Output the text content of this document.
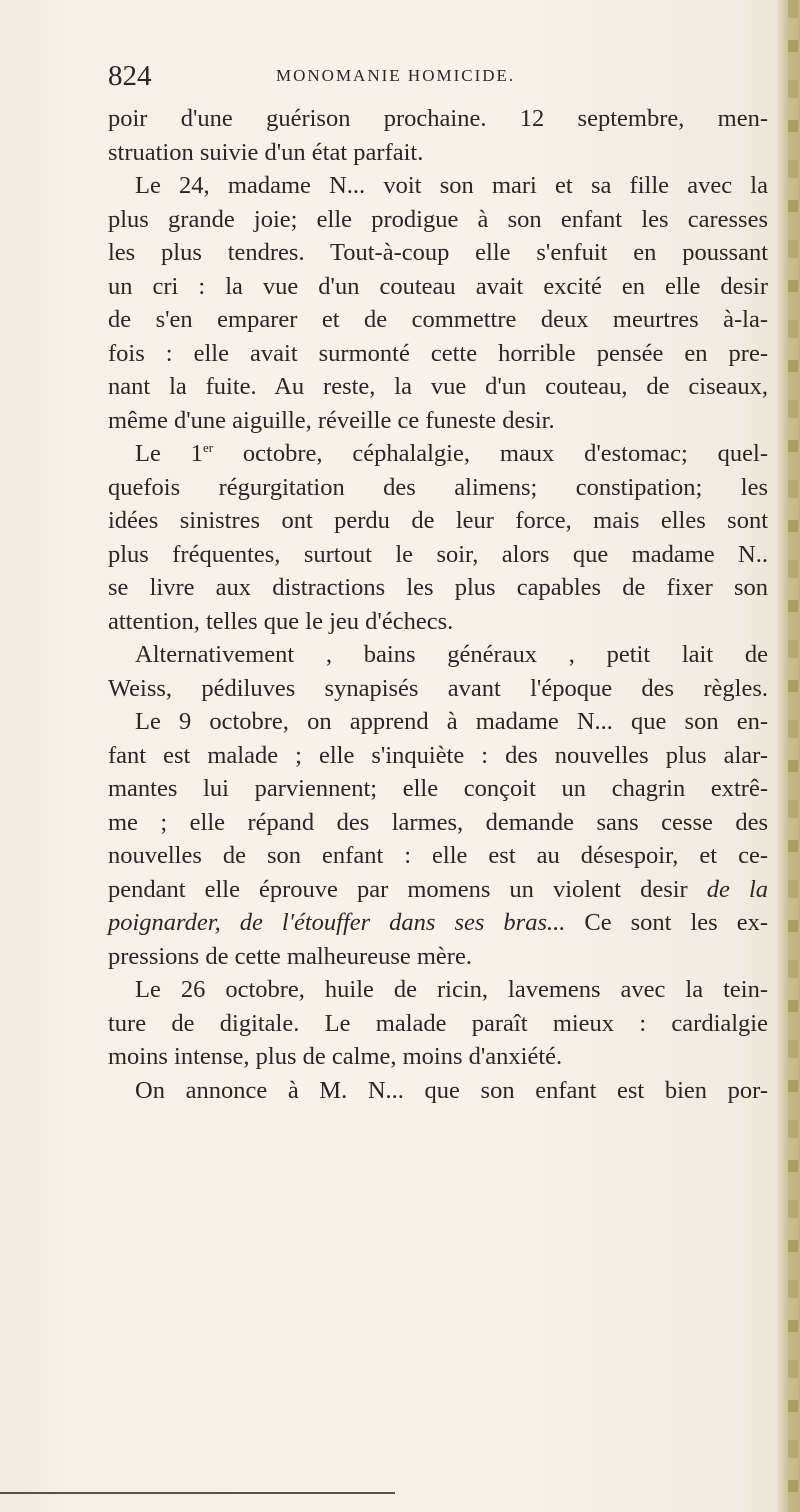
824	MONOMANIE HOMICIDE.
poir d'une guérison prochaine. 12 septembre, men-
struation suivie d'un état parfait.
Le 24, madame N... voit son mari et sa fille avec la
plus grande joie; elle prodigue à son enfant les caresses
les plus tendres. Tout-à-coup elle s'enfuit en poussant
un cri : la vue d'un couteau avait excité en elle desir
de s'en emparer et de commettre deux meurtres à-la-
fois : elle avait surmonté cette horrible pensée en pre-
nant la fuite. Au reste, la vue d'un couteau, de ciseaux,
même d'une aiguille, réveille ce funeste desir.
Le 1er octobre, céphalalgie, maux d'estomac; quel-
quefois régurgitation des alimens; constipation; les
idées sinistres ont perdu de leur force, mais elles sont
plus fréquentes, surtout le soir, alors que madame N..
se livre aux distractions les plus capables de fixer son
attention, telles que le jeu d'échecs.
Alternativement , bains généraux , petit lait de
Weiss, pédiluves synapisés avant l'époque des règles.
Le 9 octobre, on apprend à madame N... que son en-
fant est malade ; elle s'inquiète : des nouvelles plus alar-
mantes lui parviennent; elle conçoit un chagrin extrê-
me ; elle répand des larmes, demande sans cesse des
nouvelles de son enfant : elle est au désespoir, et ce-
pendant elle éprouve par momens un violent desir de la
poignarder, de l'étouffer dans ses bras... Ce sont les ex-
pressions de cette malheureuse mère.
Le 26 octobre, huile de ricin, lavemens avec la tein-
ture de digitale. Le malade paraît mieux : cardialgie
moins intense, plus de calme, moins d'anxiété.
On annonce à M. N... que son enfant est bien por-
